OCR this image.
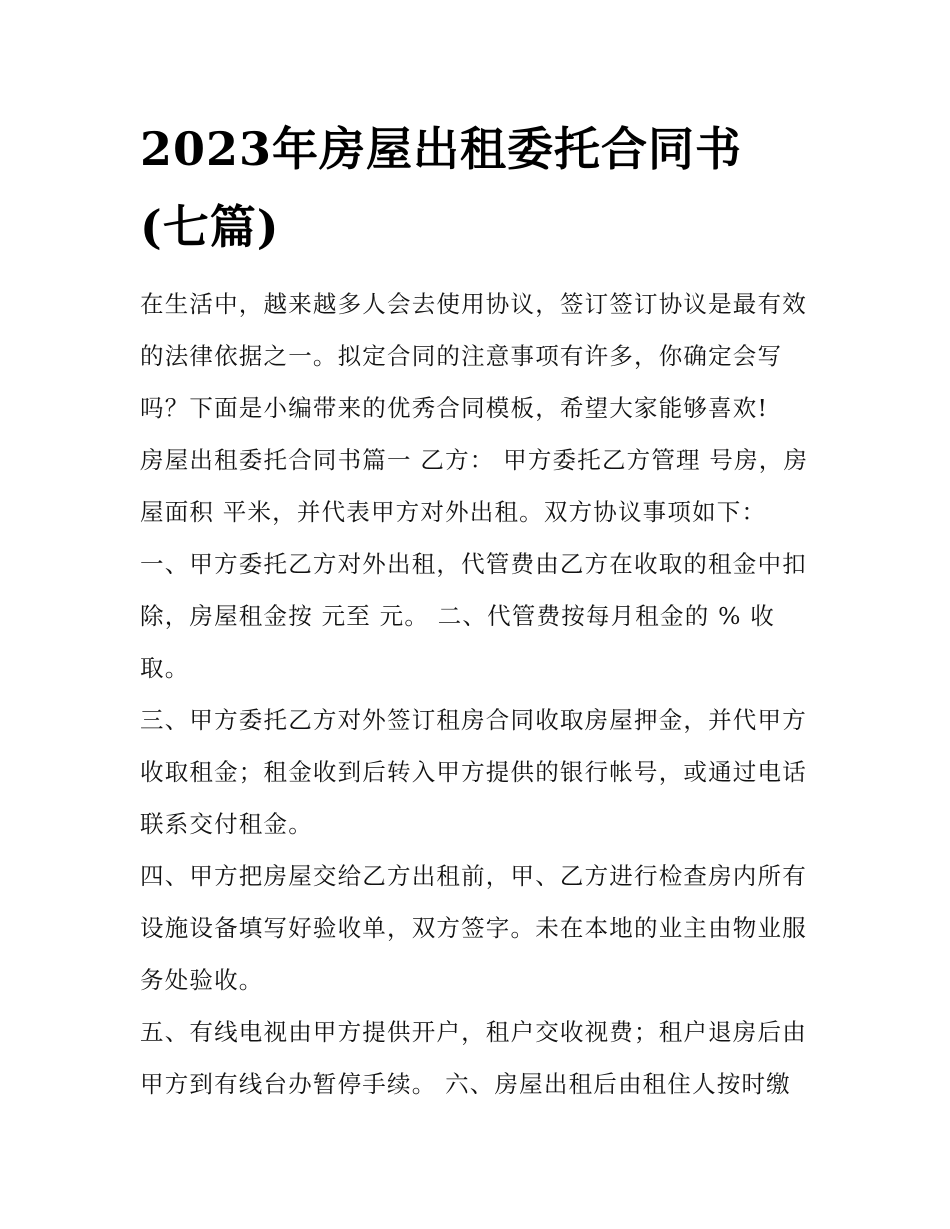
2023年房屋出租委托合同书
(七篇)

在生活中，越来越多人会去使用协议，签订签订协议是最有效
的法律依据之一。拟定合同的注意事项有许多，你确定会写
吗？下面是小编带来的优秀合同模板，希望大家能够喜欢!

房屋出租委托合同书篇一 乙方： 甲方委托乙方管理 号房，房
屋面积 平米，并代表甲方对外出租。双方协议事项如下：

一、甲方委托乙方对外出租，代管费由乙方在收取的租金中扣
除，房屋租金按 元至 元。 二、代管费按每月租金的 % 收
取。

三、甲方委托乙方对外签订租房合同收取房屋押金，并代甲方
收取租金；租金收到后转入甲方提供的银行帐号，或通过电话
联系交付租金。

四、甲方把房屋交给乙方出租前，甲、乙方进行检查房内所有
设施设备填写好验收单，双方签字。未在本地的业主由物业服
务处验收。

五、有线电视由甲方提供开户，租户交收视费；租户退房后由
甲方到有线台办暂停手续。 六、房屋出租后由租住人按时缴
